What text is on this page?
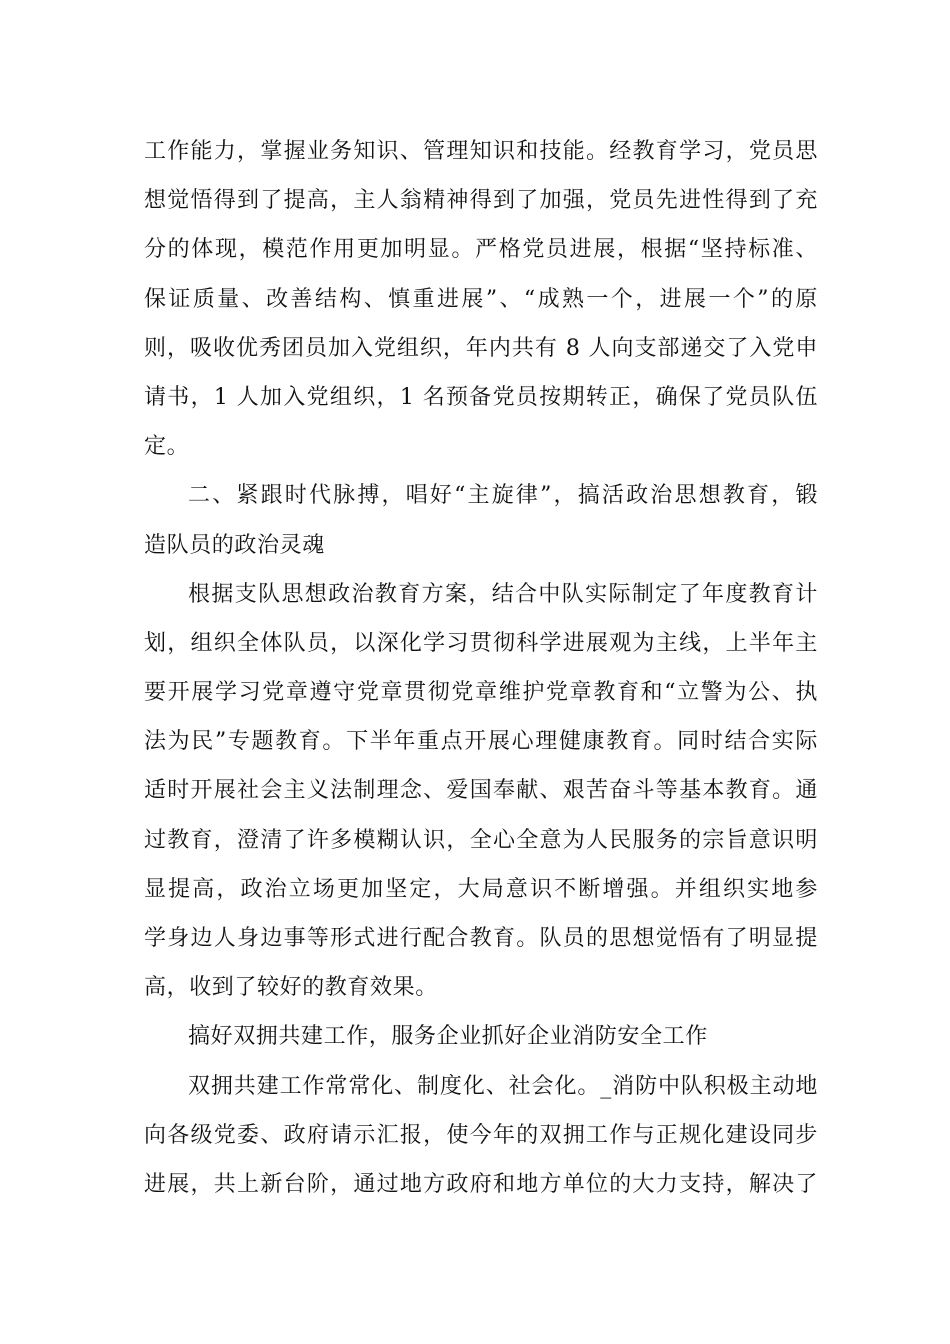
工作能力，掌握业务知识、管理知识和技能。经教育学习，党员思
想觉悟得到了提高，主人翁精神得到了加强，党员先进性得到了充
分的体现，模范作用更加明显。严格党员进展，根据“坚持标准、
保证质量、改善结构、慎重进展”、“成熟一个，进展一个”的原
则，吸收优秀团员加入党组织，年内共有 8 人向支部递交了入党申
请书，1 人加入党组织，1 名预备党员按期转正，确保了党员队伍
定。
二、紧跟时代脉搏，唱好“主旋律”，搞活政治思想教育，锻
造队员的政治灵魂
根据支队思想政治教育方案，结合中队实际制定了年度教育计
划，组织全体队员，以深化学习贯彻科学进展观为主线，上半年主
要开展学习党章遵守党章贯彻党章维护党章教育和“立警为公、执
法为民”专题教育。下半年重点开展心理健康教育。同时结合实际
适时开展社会主义法制理念、爱国奉献、艰苦奋斗等基本教育。通
过教育，澄清了许多模糊认识，全心全意为人民服务的宗旨意识明
显提高，政治立场更加坚定，大局意识不断增强。并组织实地参
学身边人身边事等形式进行配合教育。队员的思想觉悟有了明显提
高，收到了较好的教育效果。
搞好双拥共建工作，服务企业抓好企业消防安全工作
双拥共建工作常常化、制度化、社会化。_消防中队积极主动地
向各级党委、政府请示汇报，使今年的双拥工作与正规化建设同步
进展，共上新台阶，通过地方政府和地方单位的大力支持，解决了
